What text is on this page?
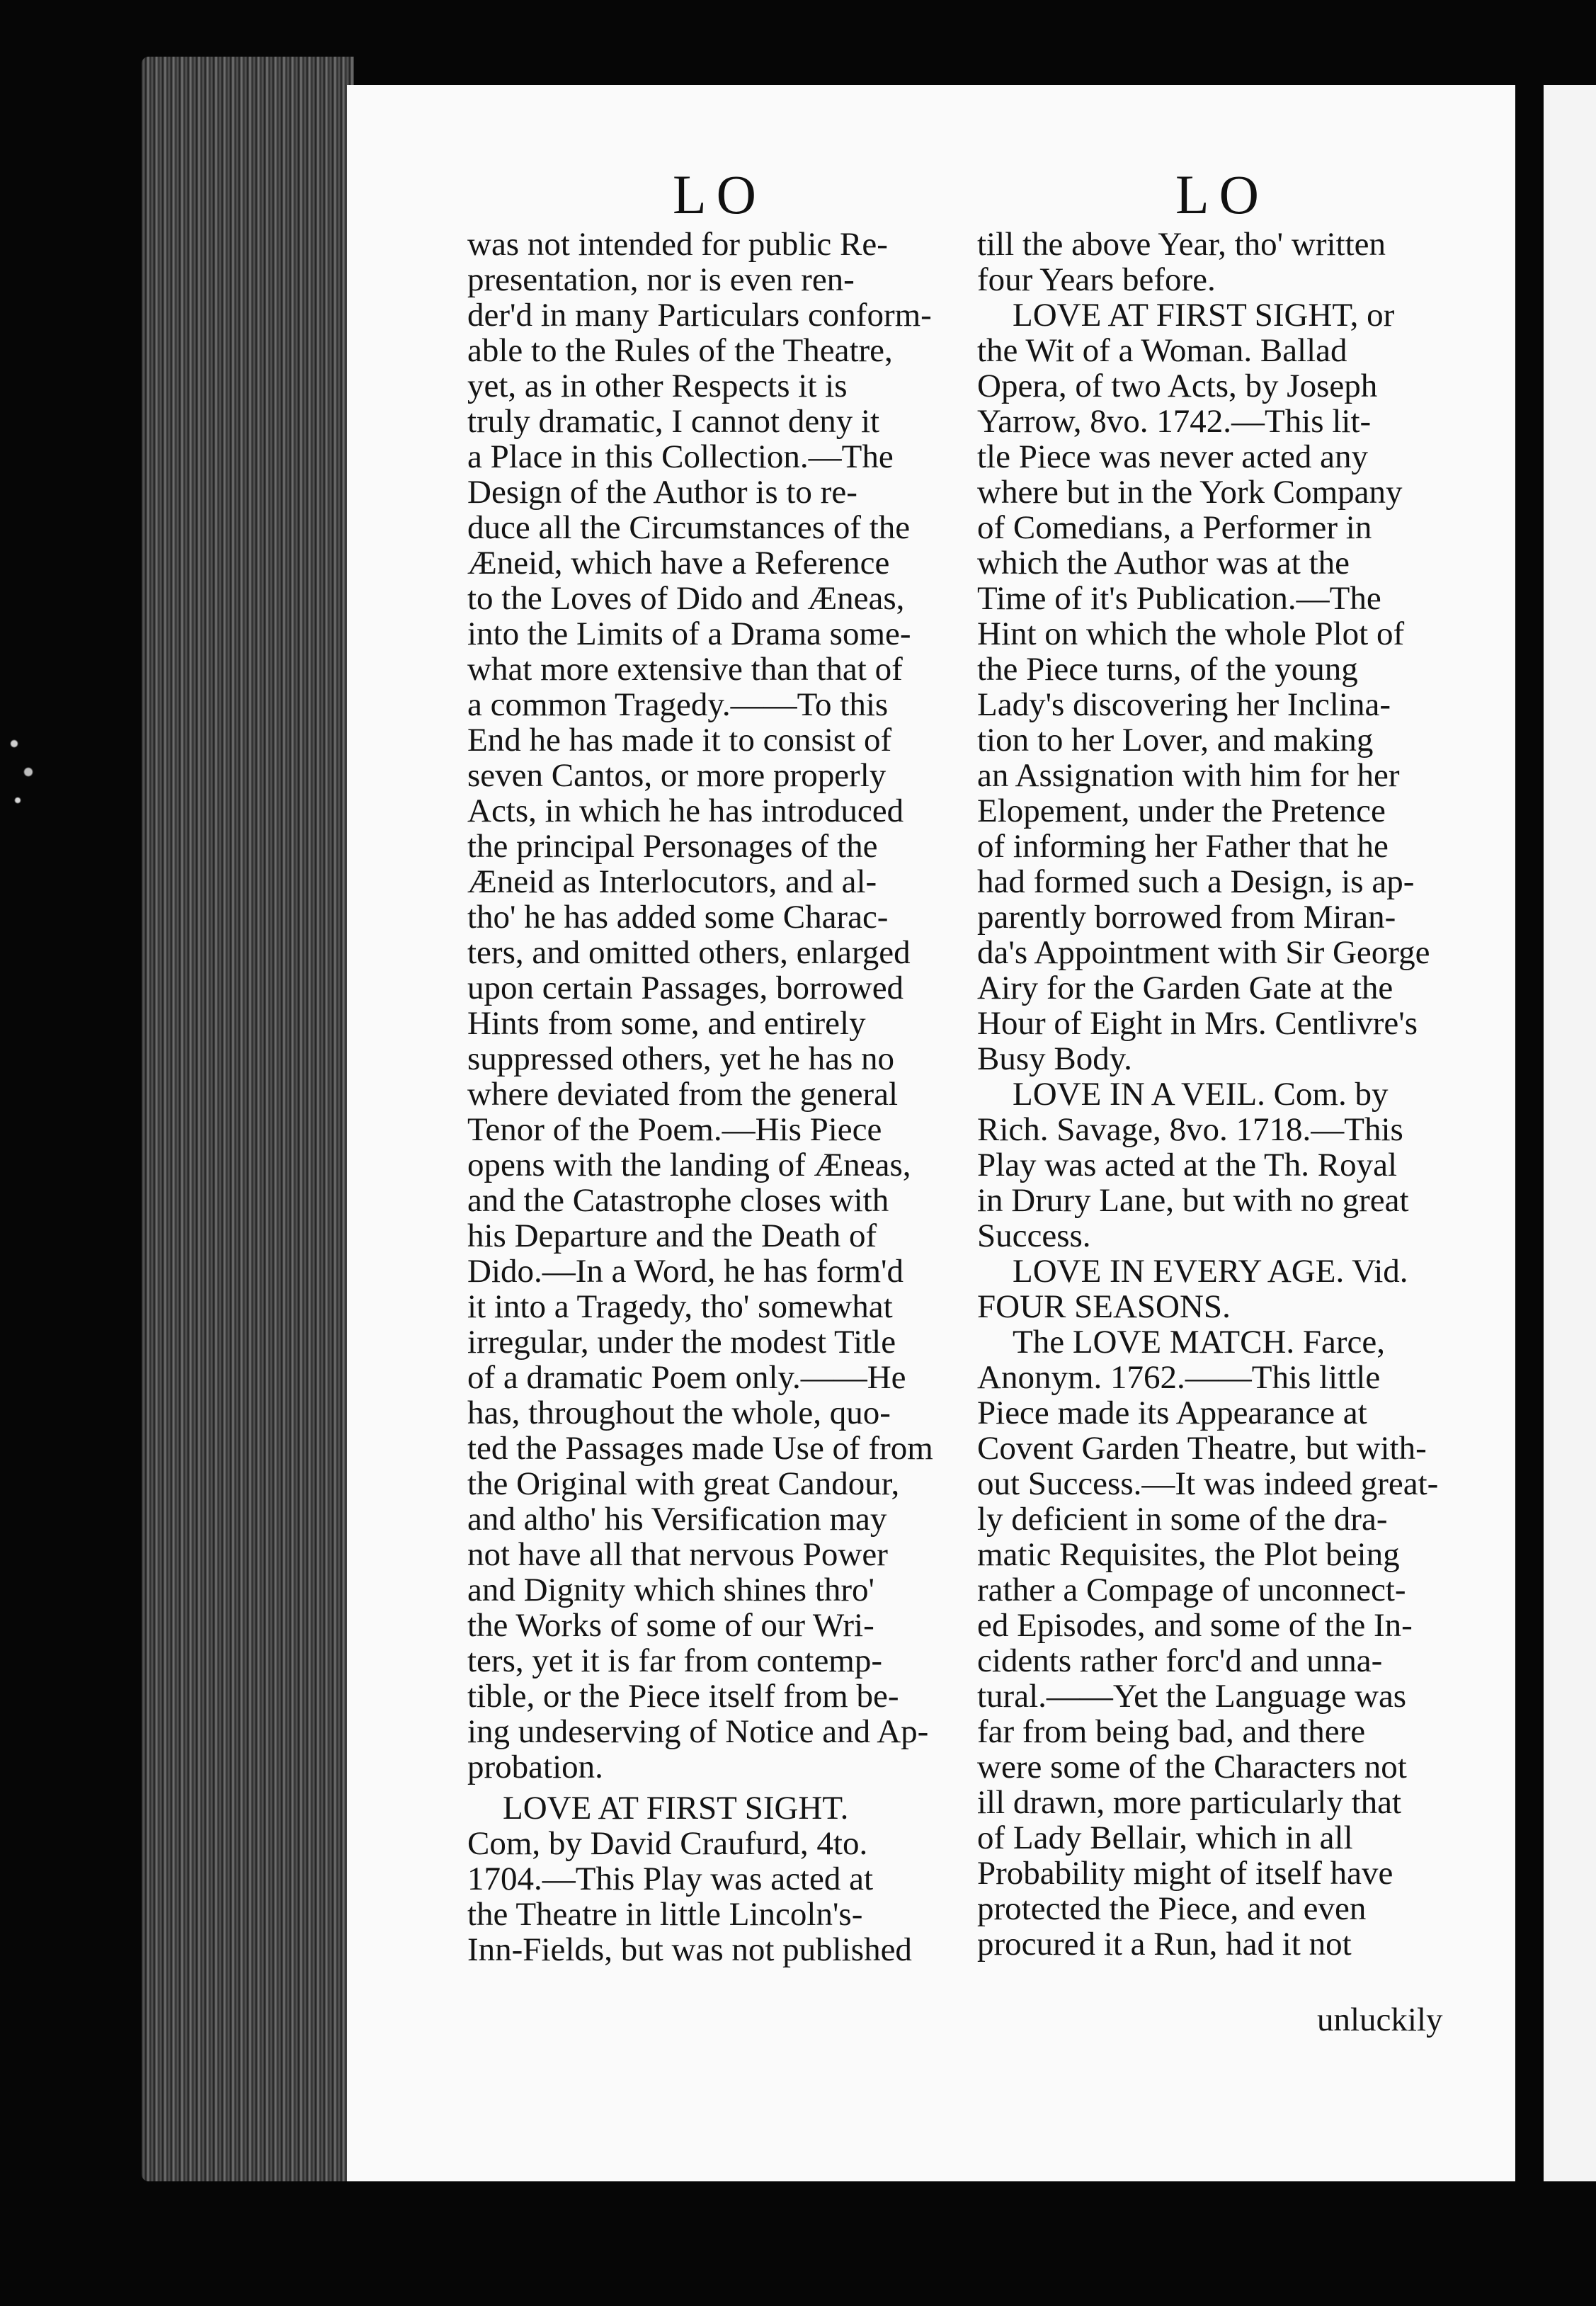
LO	LO
was not intended for public Re-
presentation, nor is even ren-
der'd in many Particulars conform-
able to the Rules of the Theatre,
yet, as in other Respects it is
truly dramatic, I cannot deny it
a Place in this Collection.—The
Design of the Author is to re-
duce all the Circumstances of the
Æneid, which have a Reference
to the Loves of Dido and Æneas,
into the Limits of a Drama some-
what more extensive than that of
a common Tragedy.——To this
End he has made it to consist of
seven Cantos, or more properly
Acts, in which he has introduced
the principal Personages of the
Æneid as Interlocutors, and al-
tho' he has added some Charac-
ters, and omitted others, enlarged
upon certain Passages, borrowed
Hints from some, and entirely
suppressed others, yet he has no
where deviated from the general
Tenor of the Poem.—His Piece
opens with the landing of Æneas,
and the Catastrophe closes with
his Departure and the Death of
Dido.—In a Word, he has form'd
it into a Tragedy, tho' somewhat
irregular, under the modest Title
of a dramatic Poem only.——He
has, throughout the whole, quo-
ted the Passages made Use of from
the Original with great Candour,
and altho' his Versification may
not have all that nervous Power
and Dignity which shines thro'
the Works of some of our Wri-
ters, yet it is far from contemp-
tible, or the Piece itself from be-
ing undeserving of Notice and Ap-
probation.
LOVE AT FIRST SIGHT.
Com, by David Craufurd, 4to.
1704.—This Play was acted at
the Theatre in little Lincoln's-
Inn-Fields, but was not published
till the above Year, tho' written
four Years before.
LOVE AT FIRST SIGHT, or
the Wit of a Woman. Ballad
Opera, of two Acts, by Joseph
Yarrow, 8vo. 1742.—This lit-
tle Piece was never acted any
where but in the York Company
of Comedians, a Performer in
which the Author was at the
Time of it's Publication.—The
Hint on which the whole Plot of
the Piece turns, of the young
Lady's discovering her Inclina-
tion to her Lover, and making
an Assignation with him for her
Elopement, under the Pretence
of informing her Father that he
had formed such a Design, is ap-
parently borrowed from Miran-
da's Appointment with Sir George
Airy for the Garden Gate at the
Hour of Eight in Mrs. Centlivre's
Busy Body.
LOVE IN A VEIL. Com. by
Rich. Savage, 8vo. 1718.—This
Play was acted at the Th. Royal
in Drury Lane, but with no great
Success.
LOVE IN EVERY AGE. Vid.
FOUR SEASONS.
The LOVE MATCH. Farce,
Anonym. 1762.——This little
Piece made its Appearance at
Covent Garden Theatre, but with-
out Success.—It was indeed great-
ly deficient in some of the dra-
matic Requisites, the Plot being
rather a Compage of unconnect-
ed Episodes, and some of the In-
cidents rather forc'd and unna-
tural.——Yet the Language was
far from being bad, and there
were some of the Characters not
ill drawn, more particularly that
of Lady Bellair, which in all
Probability might of itself have
protected the Piece, and even
procured it a Run, had it not
unluckily
